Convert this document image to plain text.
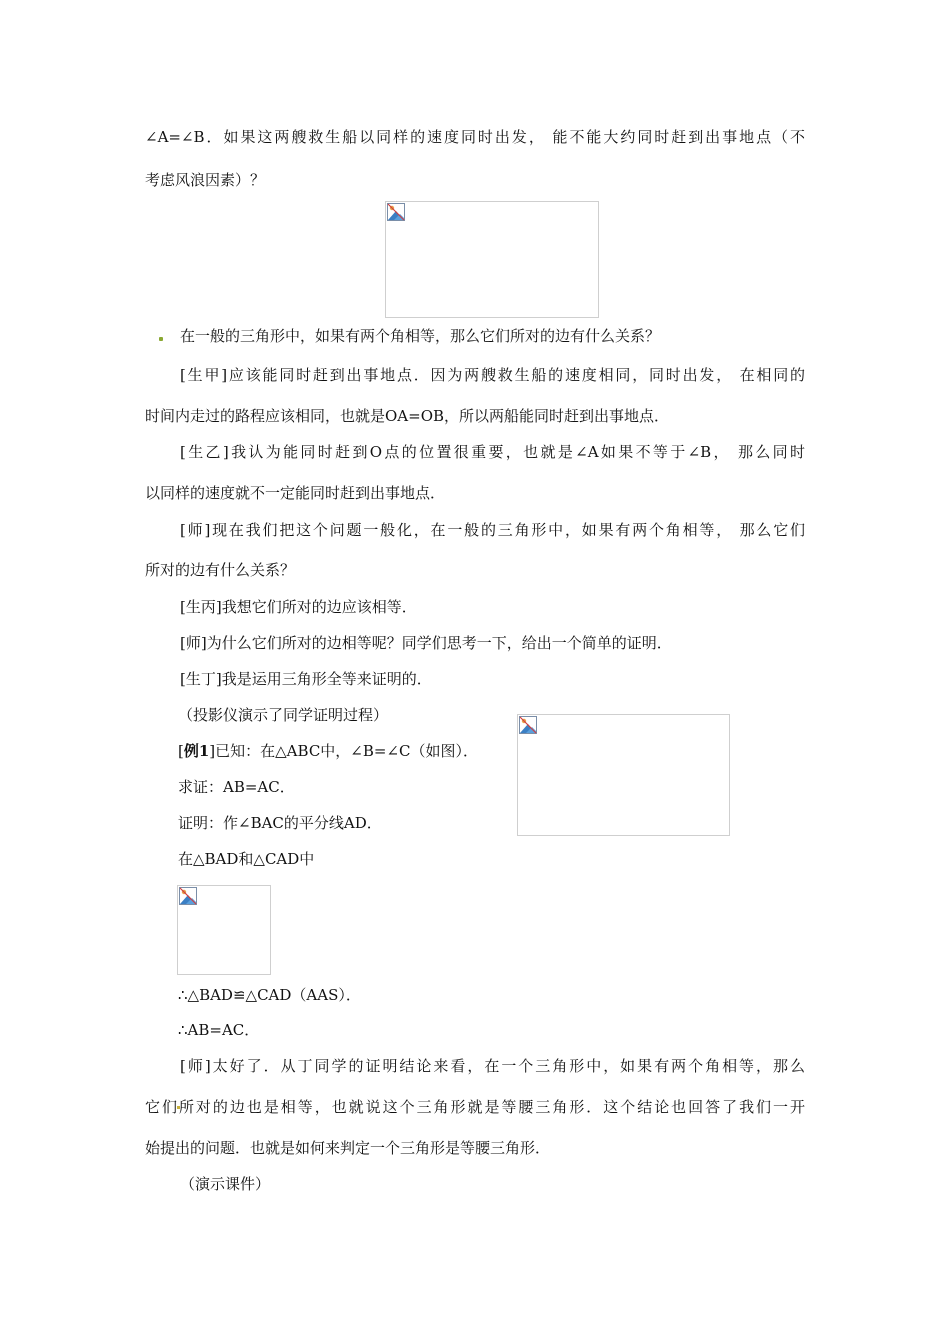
∠A=∠B．如果这两艘救生船以同样的速度同时出发， 能不能大约同时赶到出事地点（不

考虑风浪因素）？

在一般的三角形中，如果有两个角相等，那么它们所对的边有什么关系？

[生甲]应该能同时赶到出事地点．因为两艘救生船的速度相同，同时出发， 在相同的

时间内走过的路程应该相同，也就是OA=OB，所以两船能同时赶到出事地点．

[生乙]我认为能同时赶到O点的位置很重要，也就是∠A如果不等于∠B， 那么同时

以同样的速度就不一定能同时赶到出事地点．

[师]现在我们把这个问题一般化，在一般的三角形中，如果有两个角相等， 那么它们

所对的边有什么关系？

[生丙]我想它们所对的边应该相等．

[师]为什么它们所对的边相等呢？同学们思考一下，给出一个简单的证明．

[生丁]我是运用三角形全等来证明的．

（投影仪演示了同学证明过程）

[例1]已知：在△ABC中，∠B=∠C（如图）．

求证：AB=AC．

证明：作∠BAC的平分线AD．

在△BAD和△CAD中

∴△BAD≌△CAD（AAS）．

∴AB=AC．

[师]太好了．从丁同学的证明结论来看，在一个三角形中，如果有两个角相等，那么

它们所对的边也是相等，也就说这个三角形就是等腰三角形．这个结论也回答了我们一开

始提出的问题．也就是如何来判定一个三角形是等腰三角形．

（演示课件）
